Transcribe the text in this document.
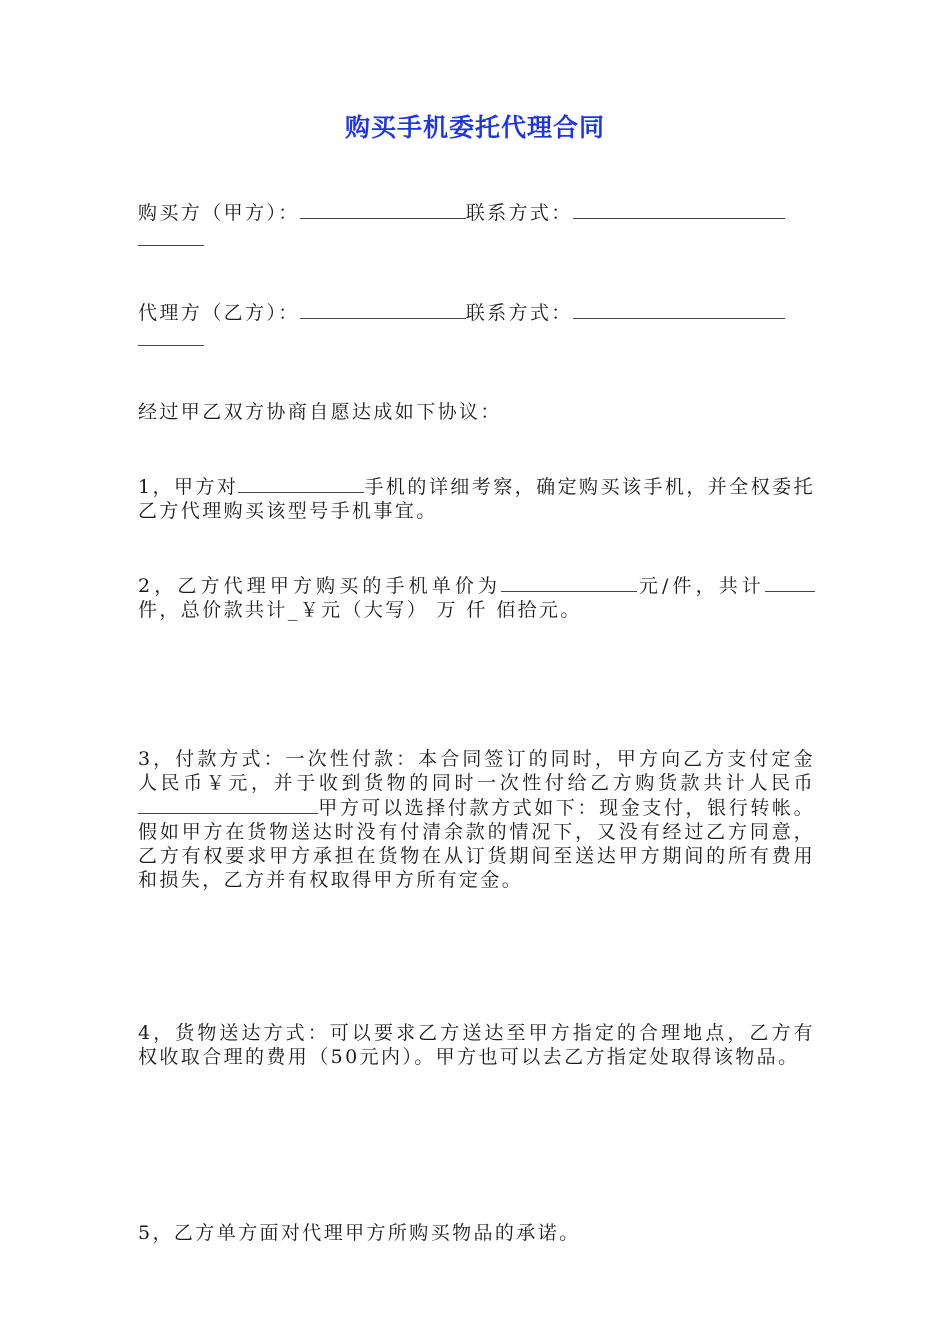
购买手机委托代理合同
购买方（甲方）：	联系方式：
代理方（乙方）：	联系方式：
经过甲乙双方协商自愿达成如下协议：
1，甲方对	手机的详细考察，确定购买该手机，并全权委托乙方代理购买该型号手机事宜。
2，乙方代理甲方购买的手机单价为	元/件，共计件，总价款共计_￥元（大写） 万 仟 佰拾元。
3，付款方式：一次性付款：本合同签订的同时，甲方向乙方支付定金人民币￥元，并于收到货物的同时一次性付给乙方购货款共计人民币甲方可以选择付款方式如下：现金支付，银行转帐。假如甲方在货物送达时没有付清余款的情况下，又没有经过乙方同意，乙方有权要求甲方承担在货物在从订货期间至送达甲方期间的所有费用和损失，乙方并有权取得甲方所有定金。
4，货物送达方式：可以要求乙方送达至甲方指定的合理地点，乙方有权收取合理的费用（50元内）。甲方也可以去乙方指定处取得该物品。
5，乙方单方面对代理甲方所购买物品的承诺。
